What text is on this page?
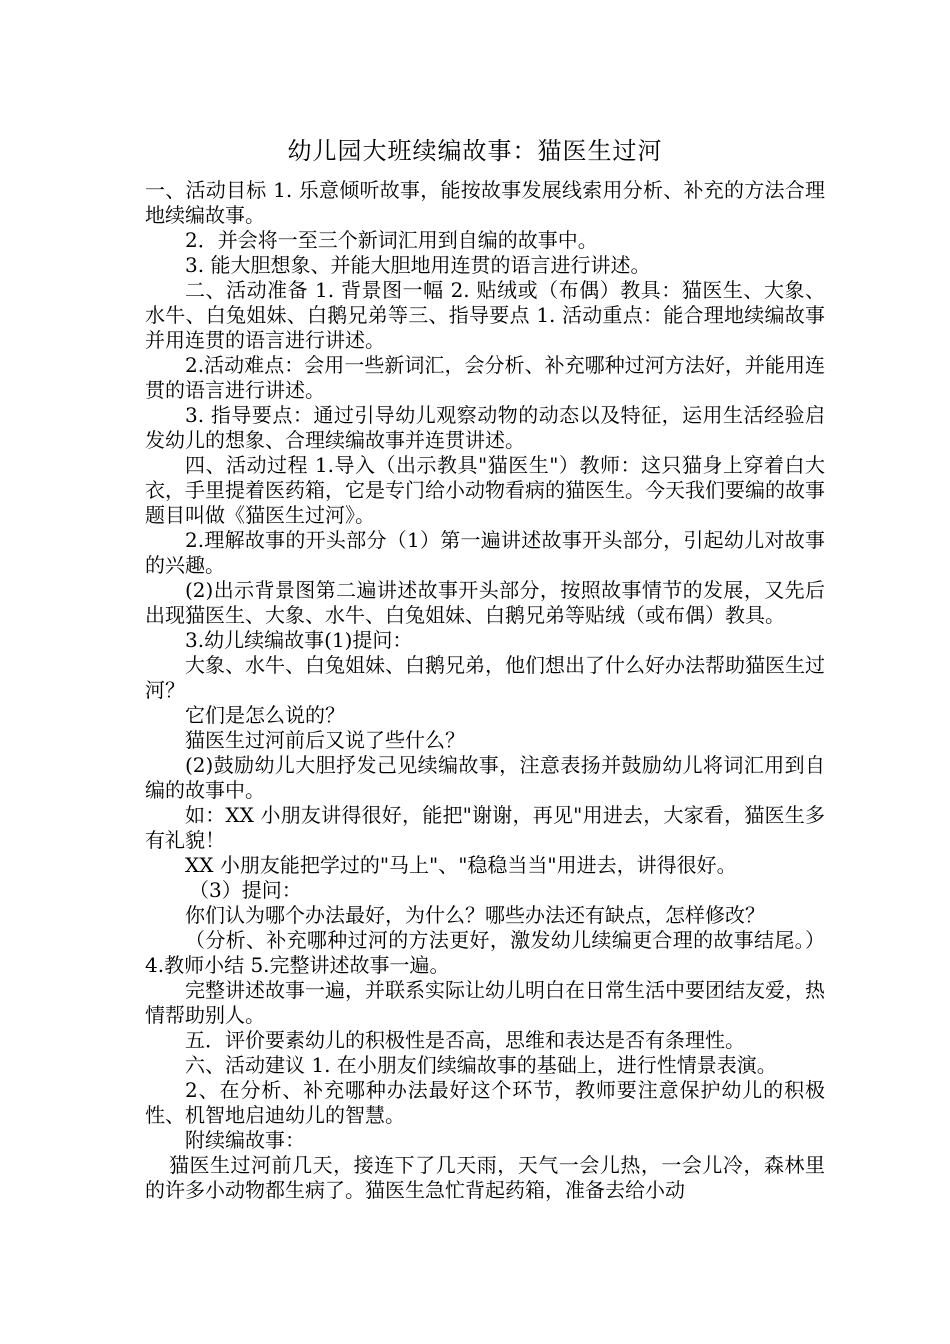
幼儿园大班续编故事：猫医生过河

一、活动目标 1. 乐意倾听故事，能按故事发展线索用分析、补充的方法合理地续编故事。

2．并会将一至三个新词汇用到自编的故事中。

3. 能大胆想象、并能大胆地用连贯的语言进行讲述。

二、活动准备 1. 背景图一幅 2. 贴绒或（布偶）教具：猫医生、大象、水牛、白兔姐妹、白鹅兄弟等三、指导要点 1. 活动重点：能合理地续编故事并用连贯的语言进行讲述。

2.活动难点：会用一些新词汇，会分析、补充哪种过河方法好，并能用连贯的语言进行讲述。

3. 指导要点：通过引导幼儿观察动物的动态以及特征，运用生活经验启发幼儿的想象、合理续编故事并连贯讲述。

四、活动过程 1.导入（出示教具"猫医生"）教师：这只猫身上穿着白大衣，手里提着医药箱，它是专门给小动物看病的猫医生。今天我们要编的故事题目叫做《猫医生过河》。

2.理解故事的开头部分（1）第一遍讲述故事开头部分，引起幼儿对故事的兴趣。

(2)出示背景图第二遍讲述故事开头部分，按照故事情节的发展，又先后出现猫医生、大象、水牛、白兔姐妹、白鹅兄弟等贴绒（或布偶）教具。

3.幼儿续编故事(1)提问：

大象、水牛、白兔姐妹、白鹅兄弟，他们想出了什么好办法帮助猫医生过河？

它们是怎么说的？

猫医生过河前后又说了些什么？

(2)鼓励幼儿大胆抒发己见续编故事，注意表扬并鼓励幼儿将词汇用到自编的故事中。

如：XX 小朋友讲得很好，能把"谢谢，再见"用进去，大家看，猫医生多有礼貌！

XX 小朋友能把学过的"马上"、"稳稳当当"用进去，讲得很好。

（3）提问：

你们认为哪个办法最好，为什么？哪些办法还有缺点，怎样修改？

（分析、补充哪种过河的方法更好，激发幼儿续编更合理的故事结尾。）4.教师小结 5.完整讲述故事一遍。

完整讲述故事一遍，并联系实际让幼儿明白在日常生活中要团结友爱，热情帮助别人。

五．评价要素幼儿的积极性是否高，思维和表达是否有条理性。

六、活动建议 1. 在小朋友们续编故事的基础上，进行性情景表演。

2、在分析、补充哪种办法最好这个环节，教师要注意保护幼儿的积极性、机智地启迪幼儿的智慧。

附续编故事：

猫医生过河前几天，接连下了几天雨，天气一会儿热，一会儿冷，森林里的许多小动物都生病了。猫医生急忙背起药箱，准备去给小动
